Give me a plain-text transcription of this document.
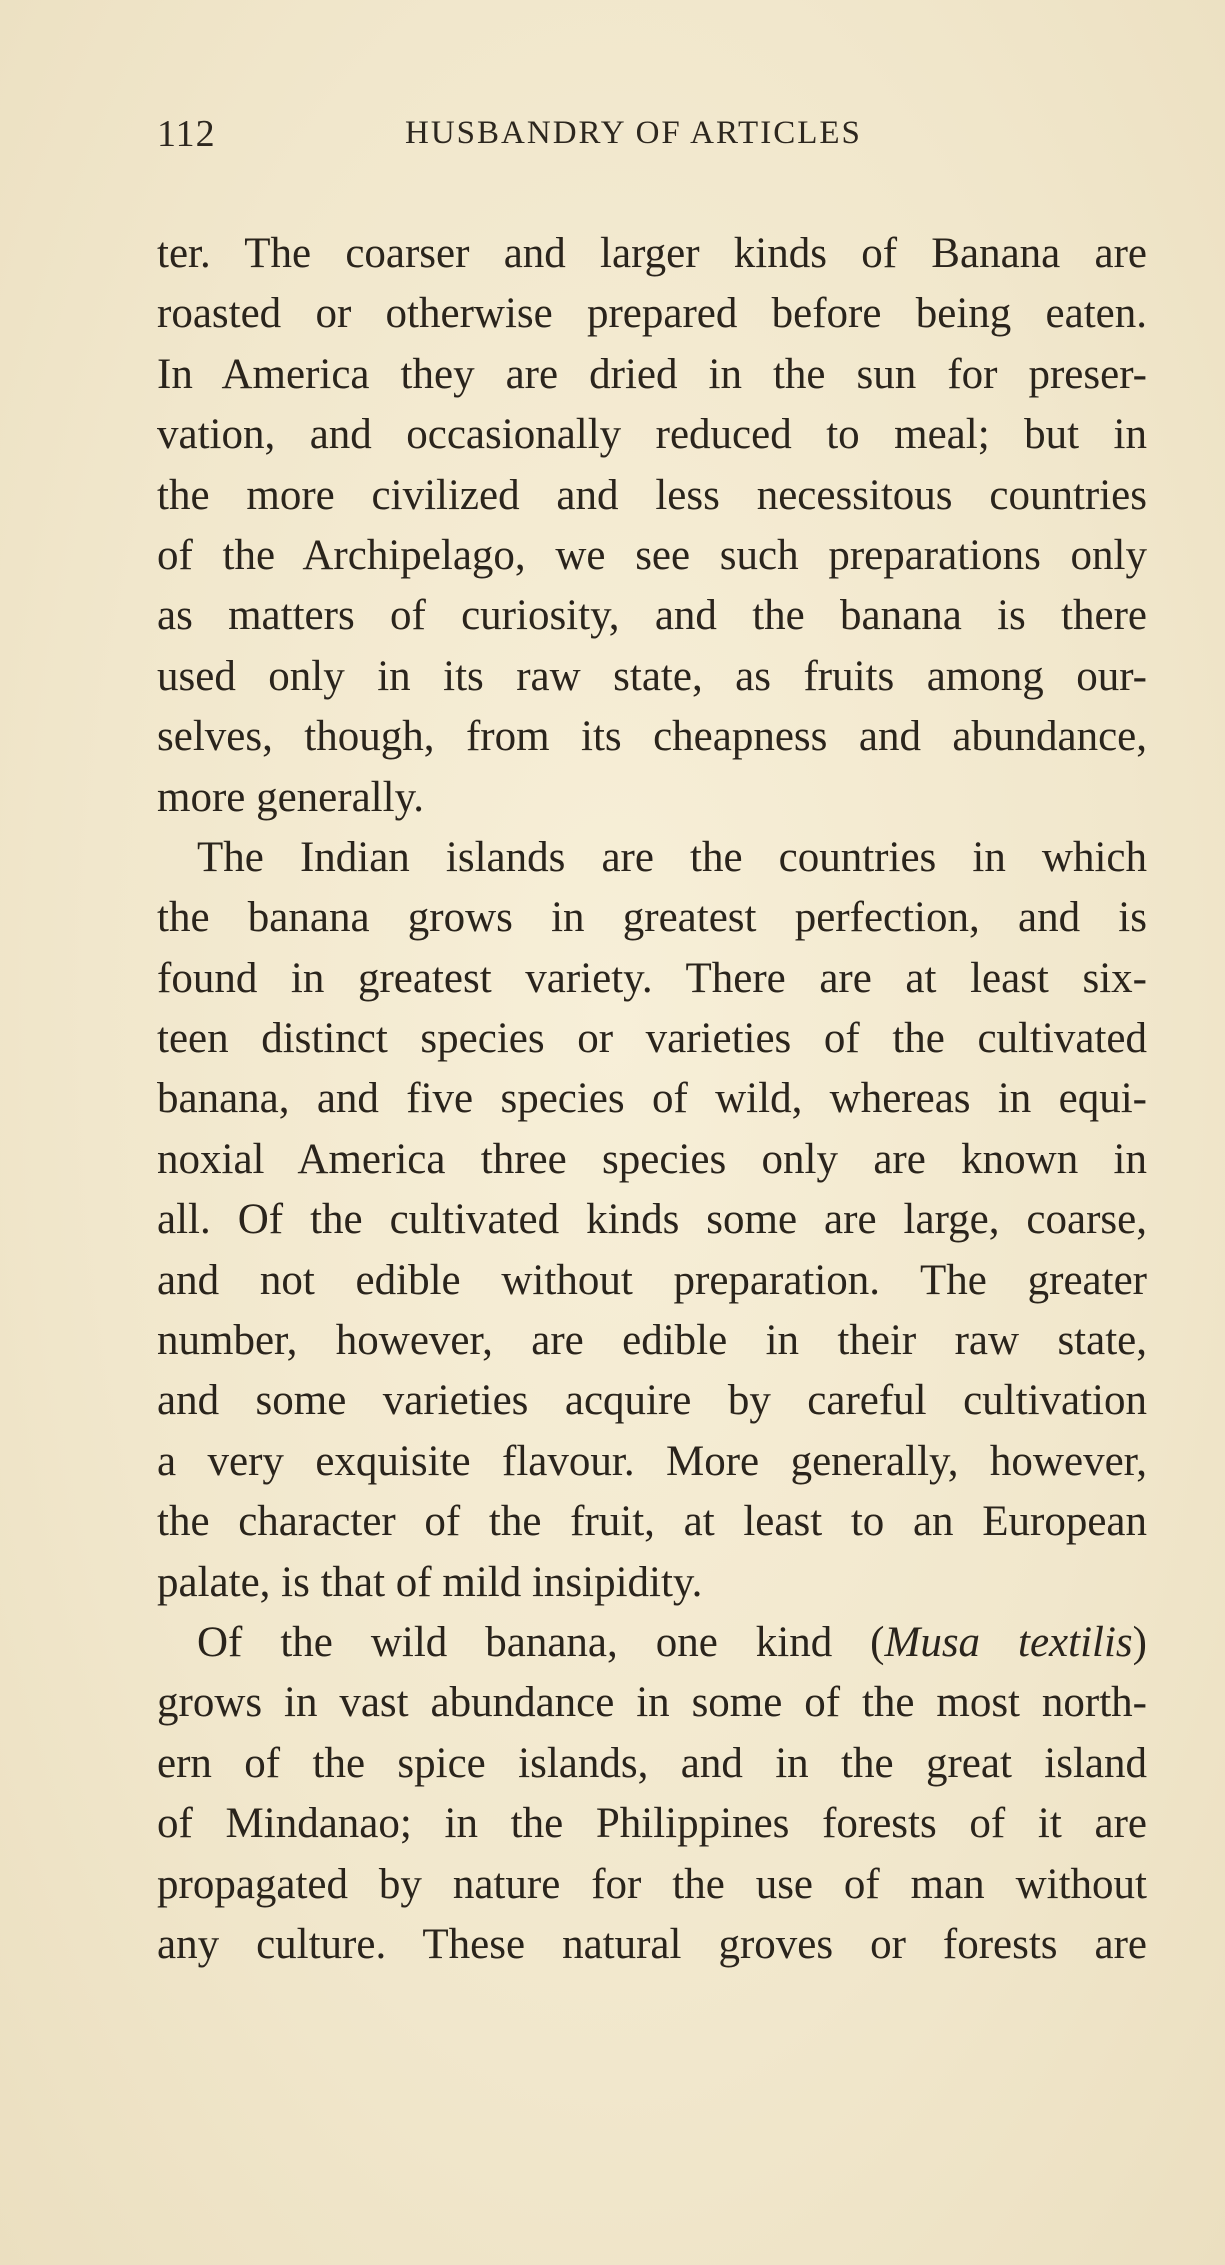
112	HUSBANDRY OF ARTICLES
ter. The coarser and larger kinds of Banana are
roasted or otherwise prepared before being eaten.
In America they are dried in the sun for preser-
vation, and occasionally reduced to meal; but in
the more civilized and less necessitous countries
of the Archipelago, we see such preparations only
as matters of curiosity, and the banana is there
used only in its raw state, as fruits among our-
selves, though, from its cheapness and abundance,
more generally.
The Indian islands are the countries in which
the banana grows in greatest perfection, and is
found in greatest variety. There are at least six-
teen distinct species or varieties of the cultivated
banana, and five species of wild, whereas in equi-
noxial America three species only are known in
all. Of the cultivated kinds some are large, coarse,
and not edible without preparation. The greater
number, however, are edible in their raw state,
and some varieties acquire by careful cultivation
a very exquisite flavour. More generally, however,
the character of the fruit, at least to an European
palate, is that of mild insipidity.
Of the wild banana, one kind (Musa textilis)
grows in vast abundance in some of the most north-
ern of the spice islands, and in the great island
of Mindanao; in the Philippines forests of it are
propagated by nature for the use of man without
any culture. These natural groves or forests are
